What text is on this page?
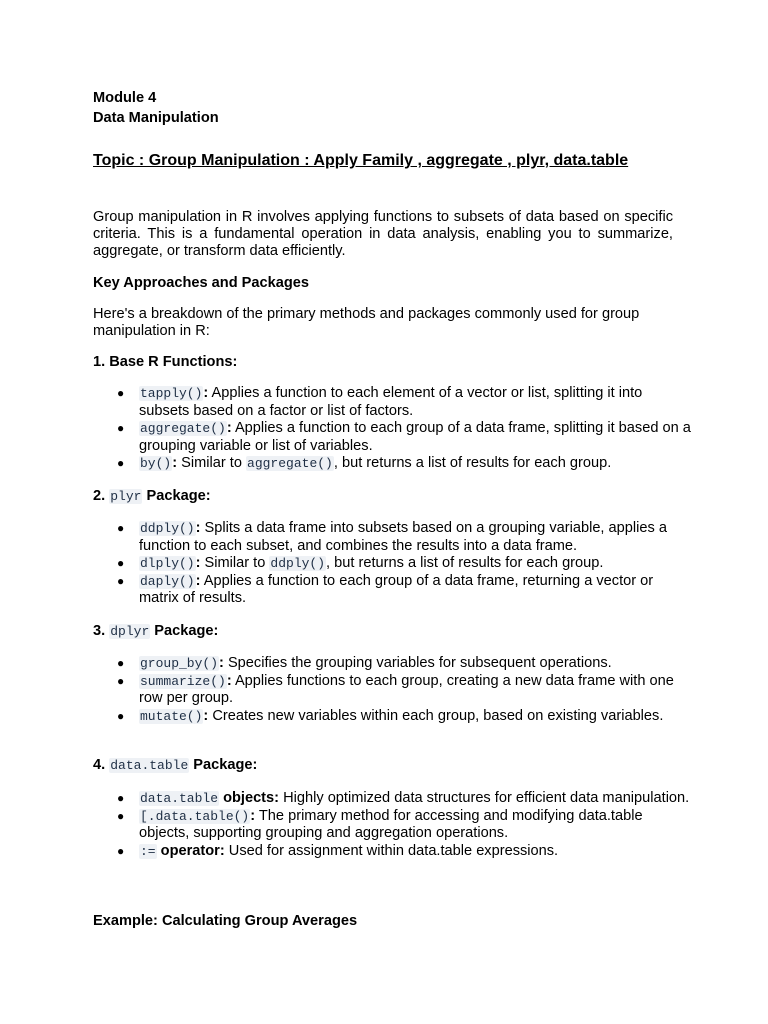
Module 4
Data Manipulation
Topic : Group Manipulation : Apply Family , aggregate , plyr, data.table
Group manipulation in R involves applying functions to subsets of data based on specific criteria. This is a fundamental operation in data analysis, enabling you to summarize, aggregate, or transform data efficiently.
Key Approaches and Packages
Here's a breakdown of the primary methods and packages commonly used for group manipulation in R:
1. Base R Functions:
● tapply(): Applies a function to each element of a vector or list, splitting it into subsets based on a factor or list of factors.
● aggregate(): Applies a function to each group of a data frame, splitting it based on a grouping variable or list of variables.
● by(): Similar to aggregate(), but returns a list of results for each group.
2. plyr Package:
● ddply(): Splits a data frame into subsets based on a grouping variable, applies a function to each subset, and combines the results into a data frame.
● dlply(): Similar to ddply(), but returns a list of results for each group.
● daply(): Applies a function to each group of a data frame, returning a vector or matrix of results.
3. dplyr Package:
● group_by(): Specifies the grouping variables for subsequent operations.
● summarize(): Applies functions to each group, creating a new data frame with one row per group.
● mutate(): Creates new variables within each group, based on existing variables.
4. data.table Package:
● data.table objects: Highly optimized data structures for efficient data manipulation.
● [.data.table(): The primary method for accessing and modifying data.table objects, supporting grouping and aggregation operations.
● := operator: Used for assignment within data.table expressions.
Example: Calculating Group Averages
